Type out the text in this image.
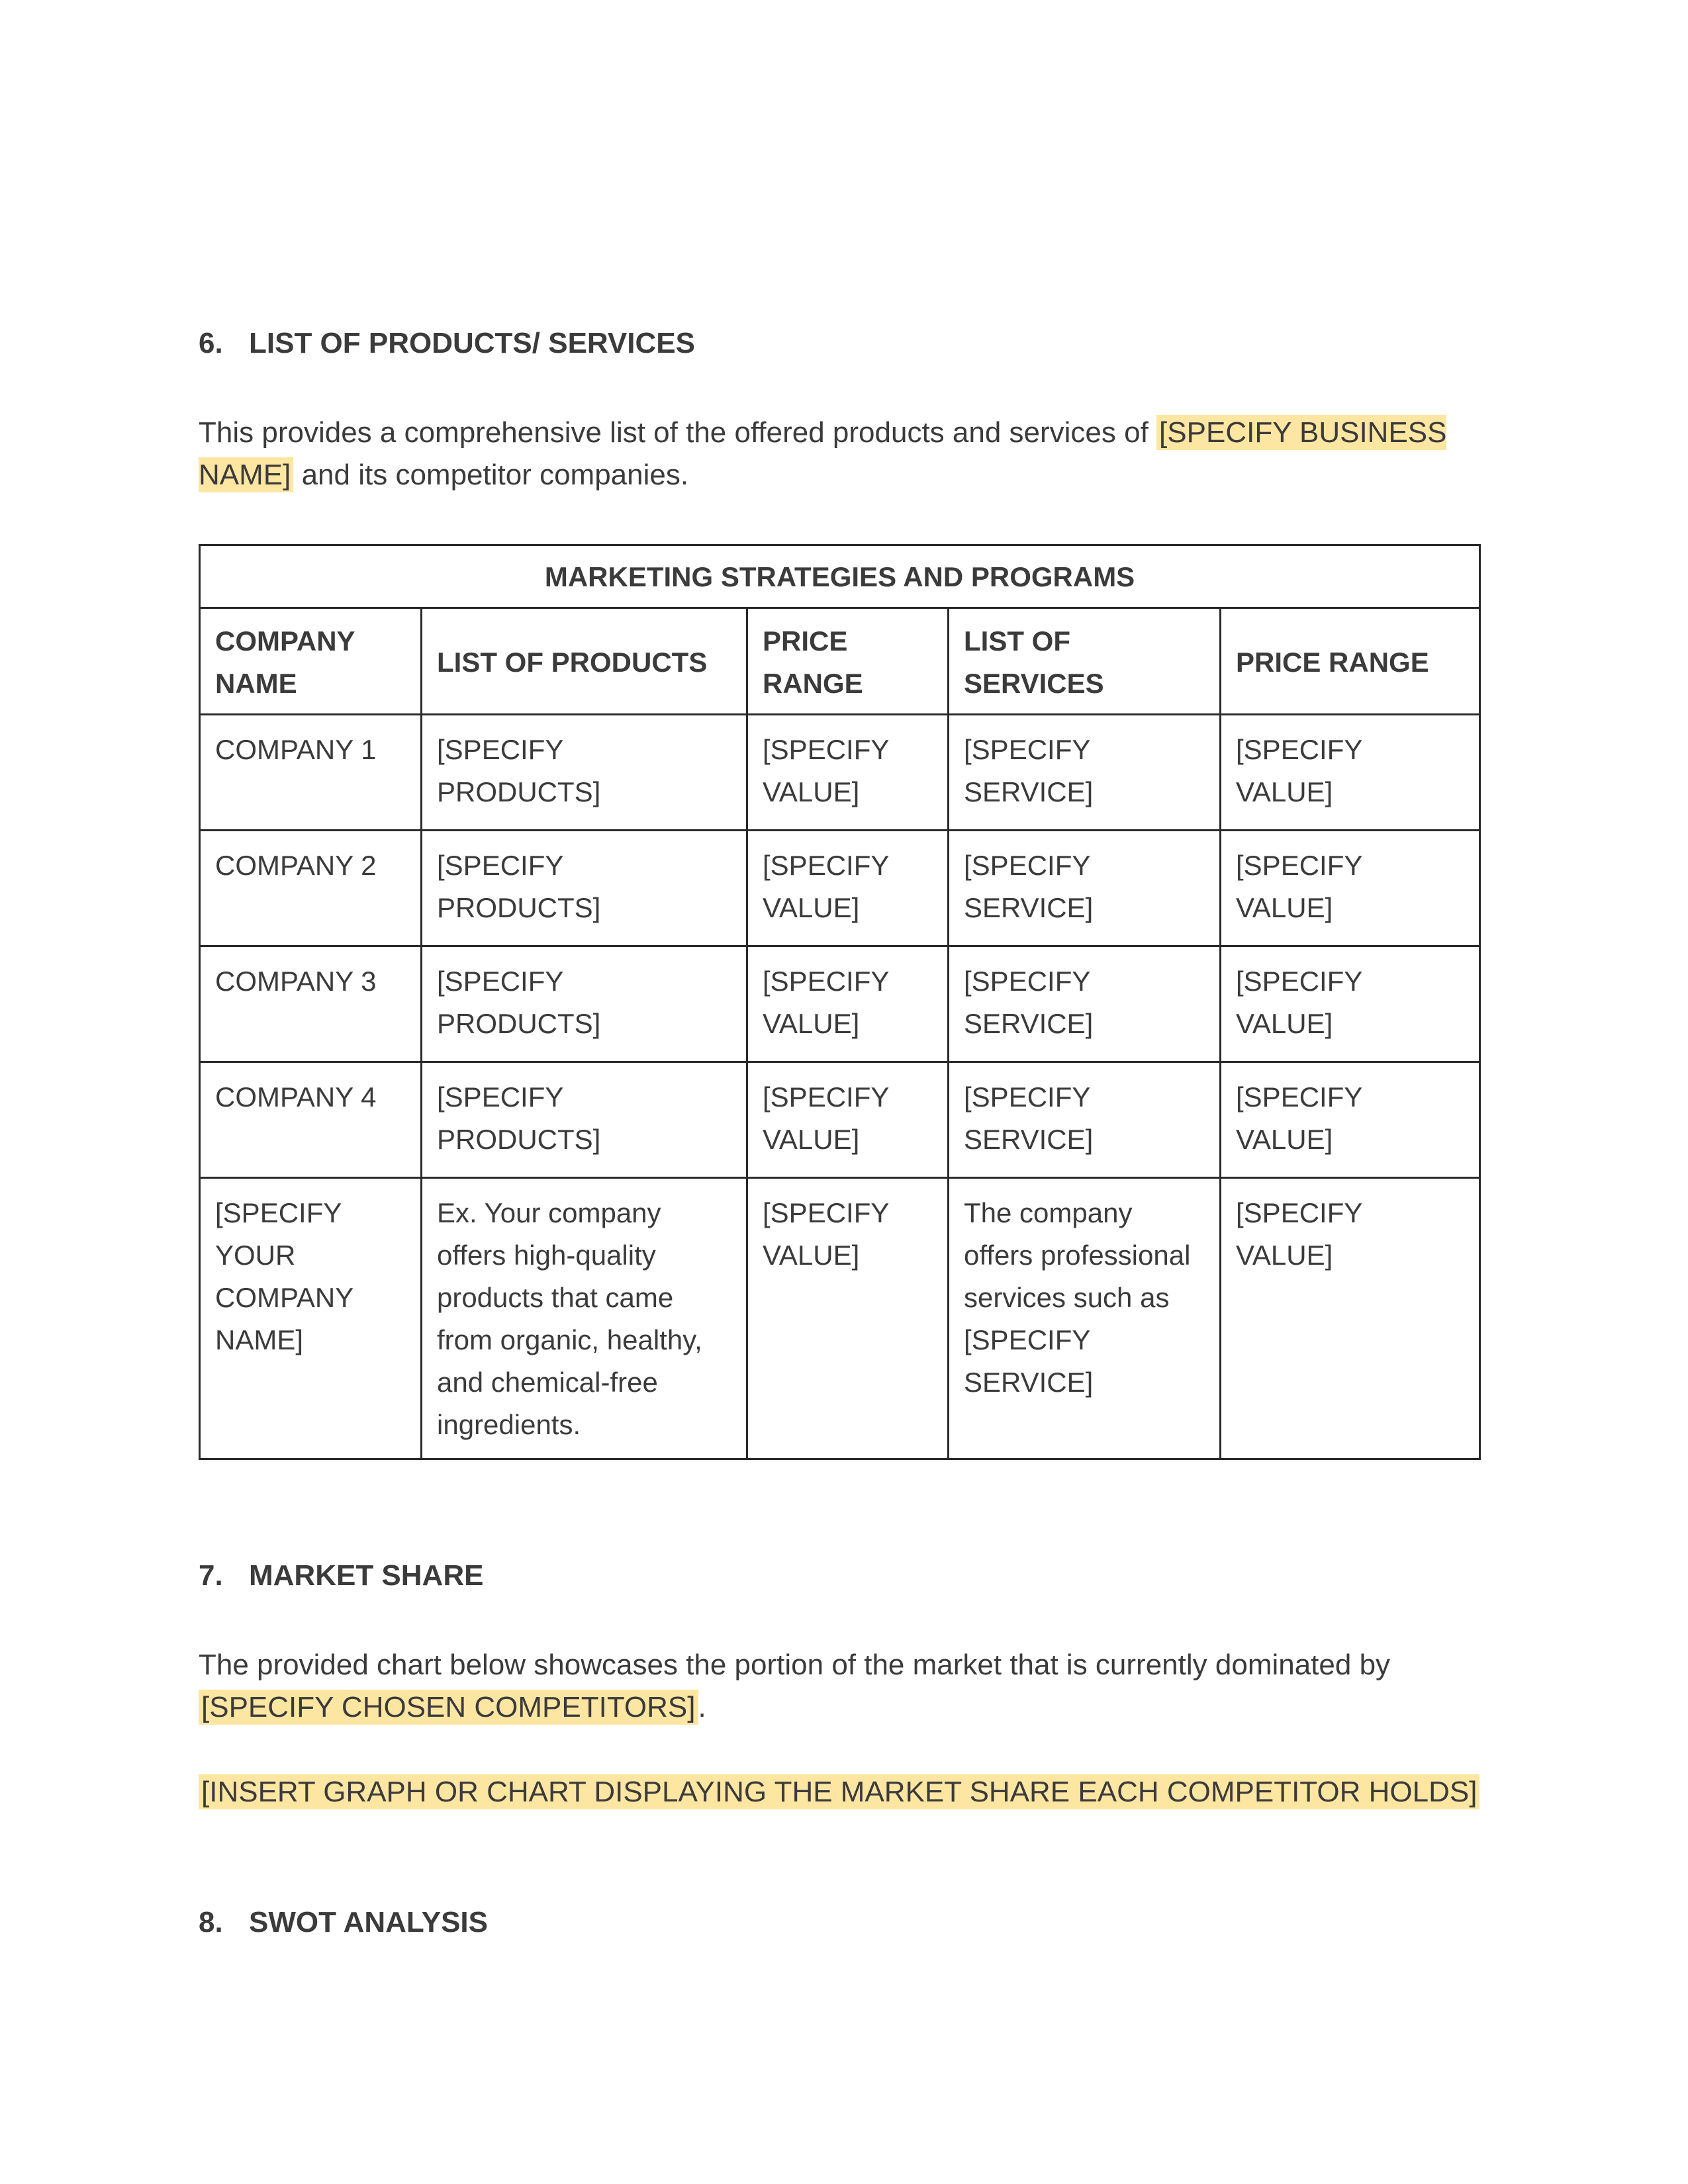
6. LIST OF PRODUCTS/ SERVICES
This provides a comprehensive list of the offered products and services of [SPECIFY BUSINESS NAME] and its competitor companies.
MARKETING STRATEGIES AND PROGRAMS				
COMPANY NAME	LIST OF PRODUCTS	PRICE RANGE	LIST OF SERVICES	PRICE RANGE
COMPANY 1	[SPECIFY PRODUCTS]	[SPECIFY VALUE]	[SPECIFY SERVICE]	[SPECIFY VALUE]
COMPANY 2	[SPECIFY PRODUCTS]	[SPECIFY VALUE]	[SPECIFY SERVICE]	[SPECIFY VALUE]
COMPANY 3	[SPECIFY PRODUCTS]	[SPECIFY VALUE]	[SPECIFY SERVICE]	[SPECIFY VALUE]
COMPANY 4	[SPECIFY PRODUCTS]	[SPECIFY VALUE]	[SPECIFY SERVICE]	[SPECIFY VALUE]
[SPECIFY YOUR COMPANY NAME]	Ex. Your company offers high-quality products that came from organic, healthy, and chemical-free ingredients.	[SPECIFY VALUE]	The company offers professional services such as [SPECIFY SERVICE]	[SPECIFY VALUE]
7. MARKET SHARE
The provided chart below showcases the portion of the market that is currently dominated by [SPECIFY CHOSEN COMPETITORS].
[INSERT GRAPH OR CHART DISPLAYING THE MARKET SHARE EACH COMPETITOR HOLDS]
8. SWOT ANALYSIS
